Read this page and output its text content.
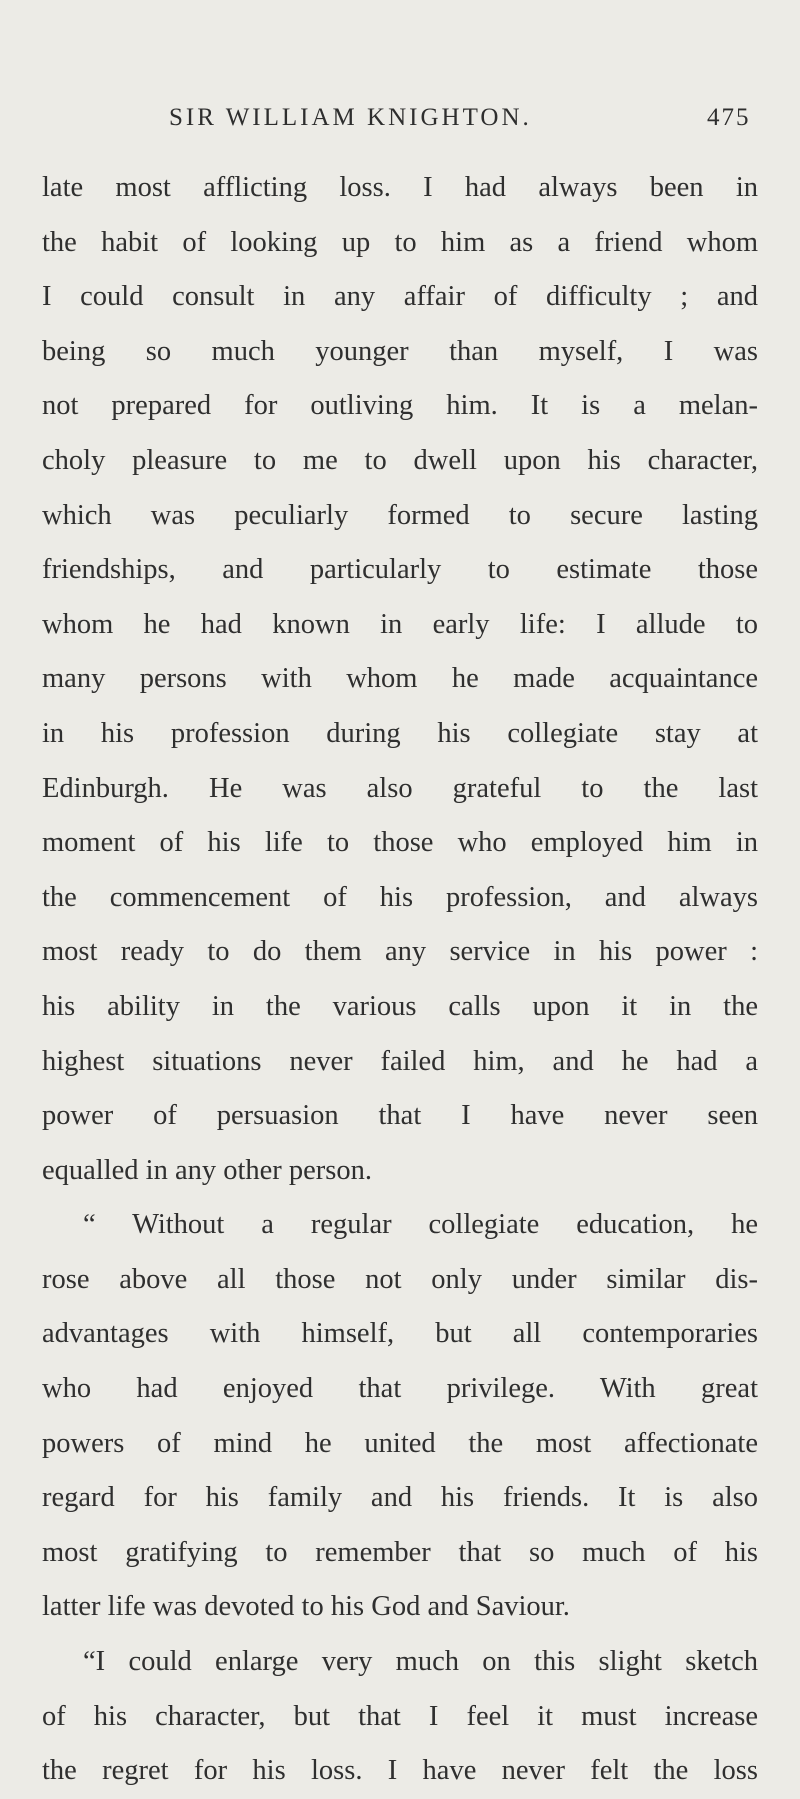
SIR WILLIAM KNIGHTON.	475
late most afflicting loss. I had always been in
the habit of looking up to him as a friend whom
I could consult in any affair of difficulty ; and
being so much younger than myself, I was
not prepared for outliving him. It is a melan-
choly pleasure to me to dwell upon his character,
which was peculiarly formed to secure lasting
friendships, and particularly to estimate those
whom he had known in early life: I allude to
many persons with whom he made acquaintance
in his profession during his collegiate stay at
Edinburgh. He was also grateful to the last
moment of his life to those who employed him in
the commencement of his profession, and always
most ready to do them any service in his power :
his ability in the various calls upon it in the
highest situations never failed him, and he had a
power of persuasion that I have never seen
equalled in any other person.
“ Without a regular collegiate education, he
rose above all those not only under similar dis-
advantages with himself, but all contemporaries
who had enjoyed that privilege. With great
powers of mind he united the most affectionate
regard for his family and his friends. It is also
most gratifying to remember that so much of his
latter life was devoted to his God and Saviour.
“I could enlarge very much on this slight sketch
of his character, but that I feel it must increase
the regret for his loss. I have never felt the loss
